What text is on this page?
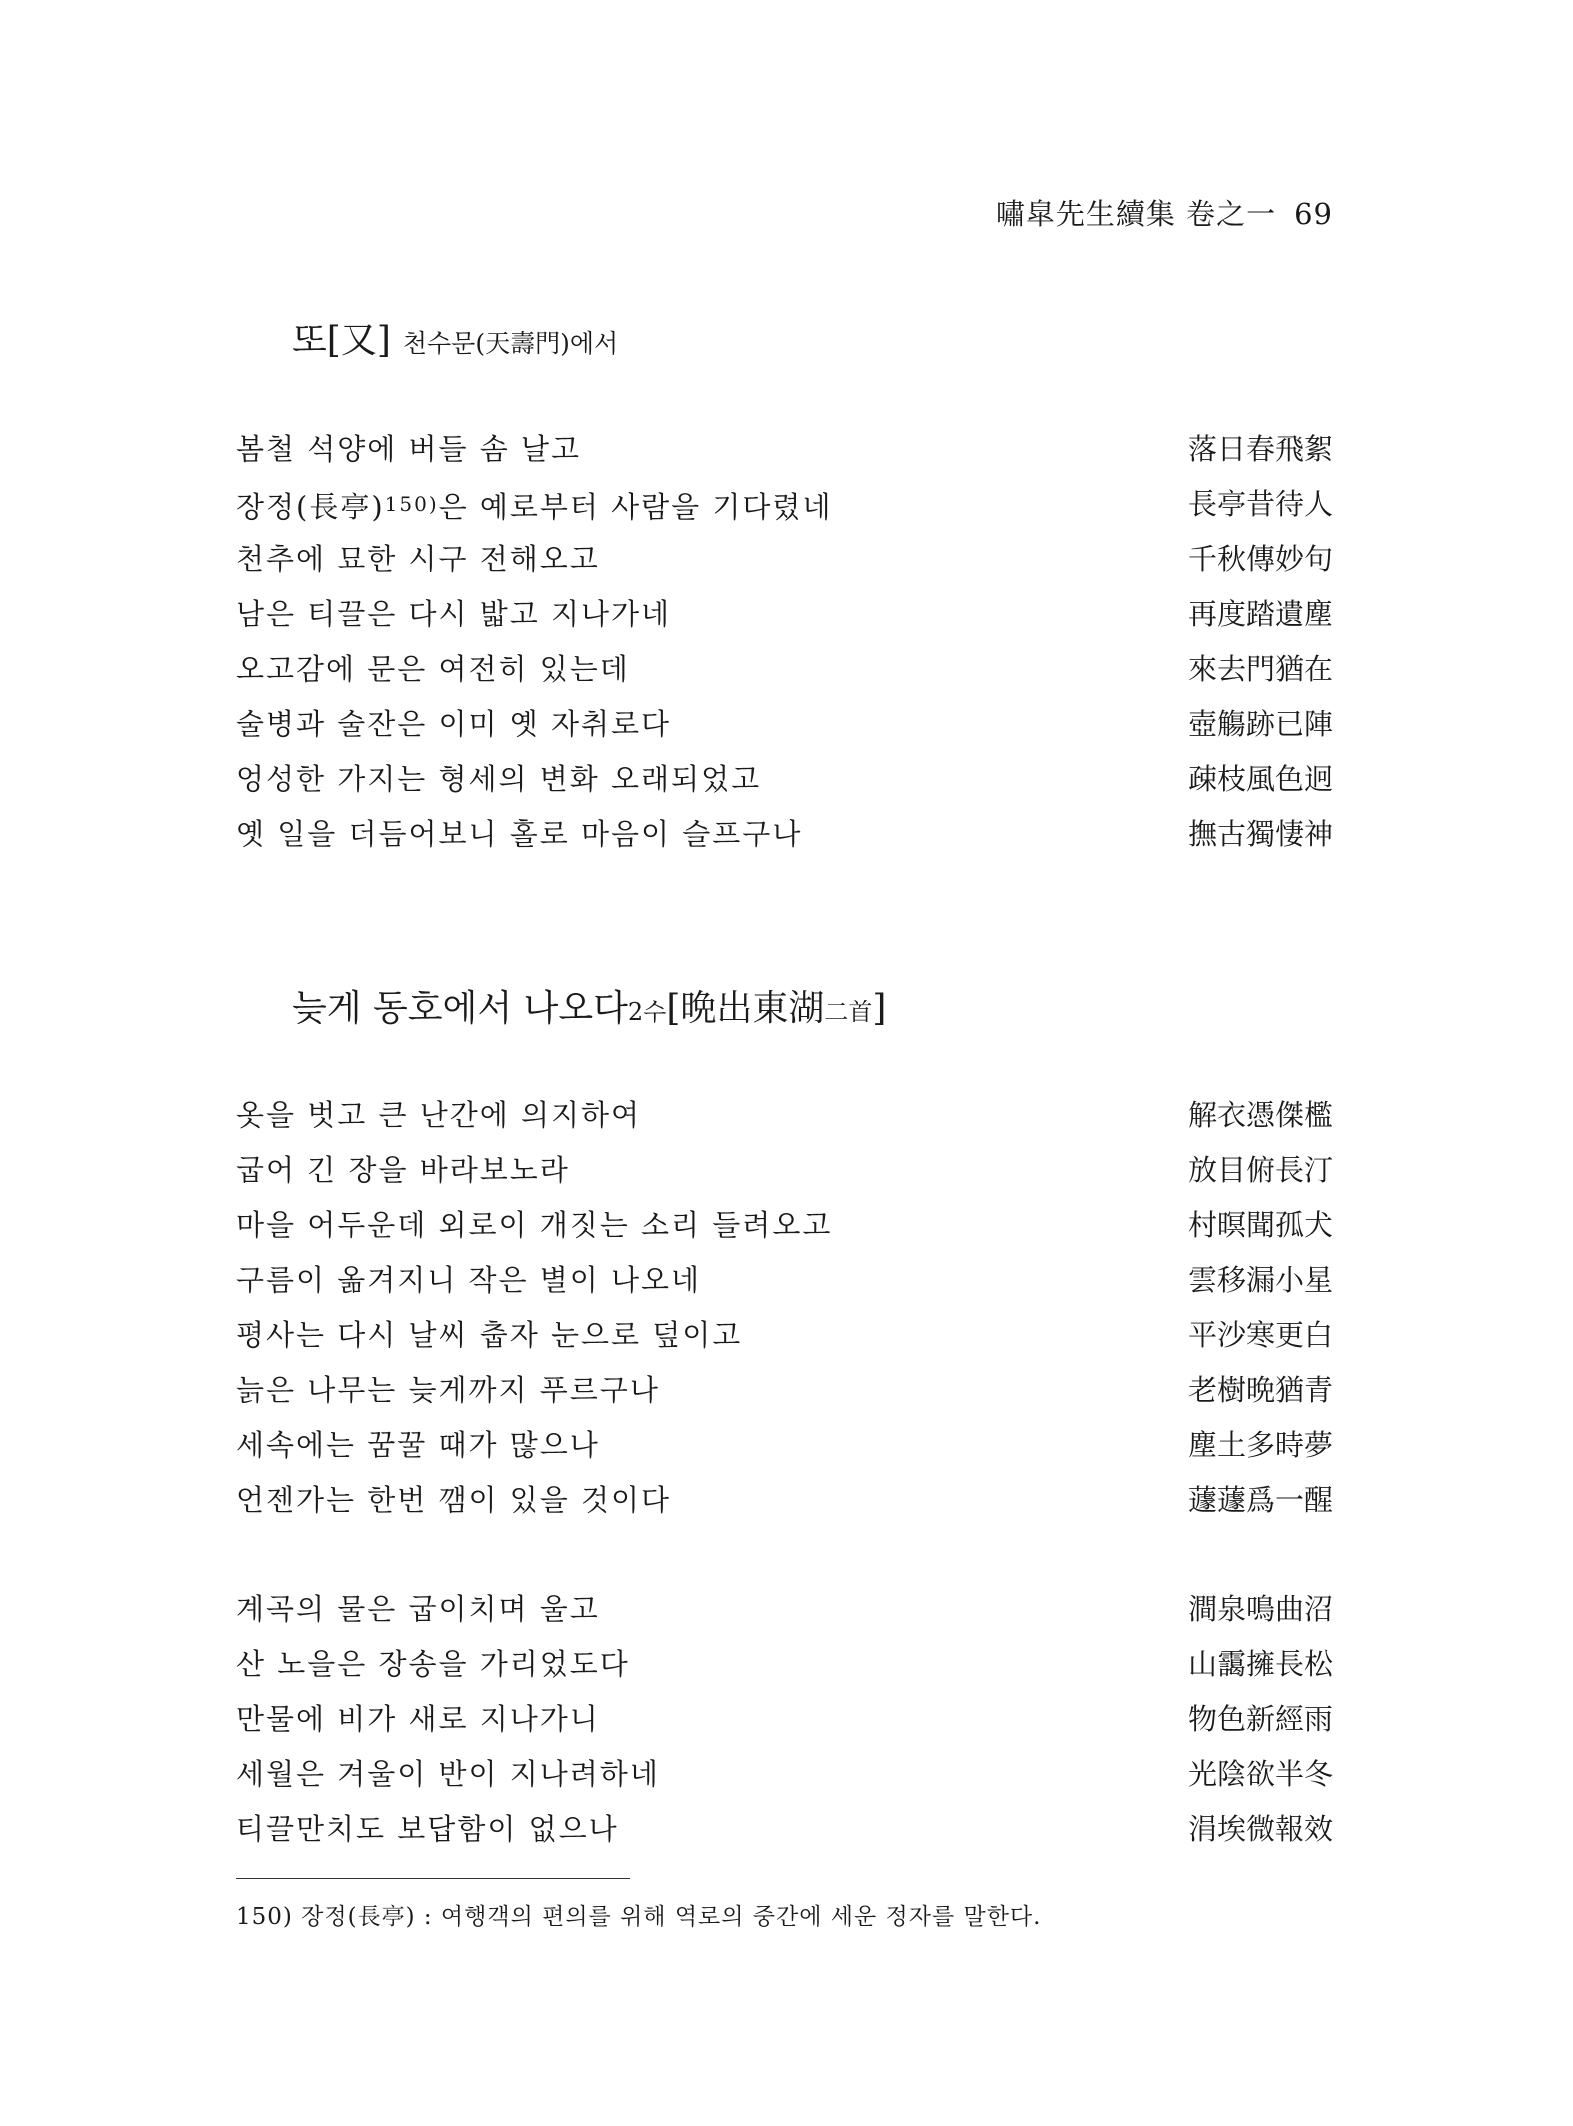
嘯皐先生續集 卷之一 69
또[又] 천수문(天壽門)에서
봄철 석양에 버들 솜 날고	落日春飛絮
장정(長亭)$^{150)}$은 예로부터 사람을 기다렸네	長亭昔待人
천추에 묘한 시구 전해오고	千秋傳妙句
남은 티끌은 다시 밟고 지나가네	再度踏遺塵
오고감에 문은 여전히 있는데	來去門猶在
술병과 술잔은 이미 옛 자취로다	壺觴跡已陣
엉성한 가지는 형세의 변화 오래되었고	疎枝風色迥
옛 일을 더듬어보니 홀로 마음이 슬프구나	撫古獨悽神
늦게 동호에서 나오다2수[晩出東湖二首]
옷을 벗고 큰 난간에 의지하여	解衣憑傑檻
굽어 긴 장을 바라보노라	放目俯長汀
마을 어두운데 외로이 개짓는 소리 들려오고	村暝聞孤犬
구름이 옮겨지니 작은 별이 나오네	雲移漏小星
평사는 다시 날씨 춥자 눈으로 덮이고	平沙寒更白
늙은 나무는 늦게까지 푸르구나	老樹晩猶青
세속에는 꿈꿀 때가 많으나	塵土多時夢
언젠가는 한번 깸이 있을 것이다	蘧蘧爲一醒
계곡의 물은 굽이치며 울고	澗泉鳴曲沼
산 노을은 장송을 가리었도다	山靄擁長松
만물에 비가 새로 지나가니	物色新經雨
세월은 겨울이 반이 지나려하네	光陰欲半冬
티끌만치도 보답함이 없으나	涓埃微報效
150) 장정(長亭) : 여행객의 편의를 위해 역로의 중간에 세운 정자를 말한다.
